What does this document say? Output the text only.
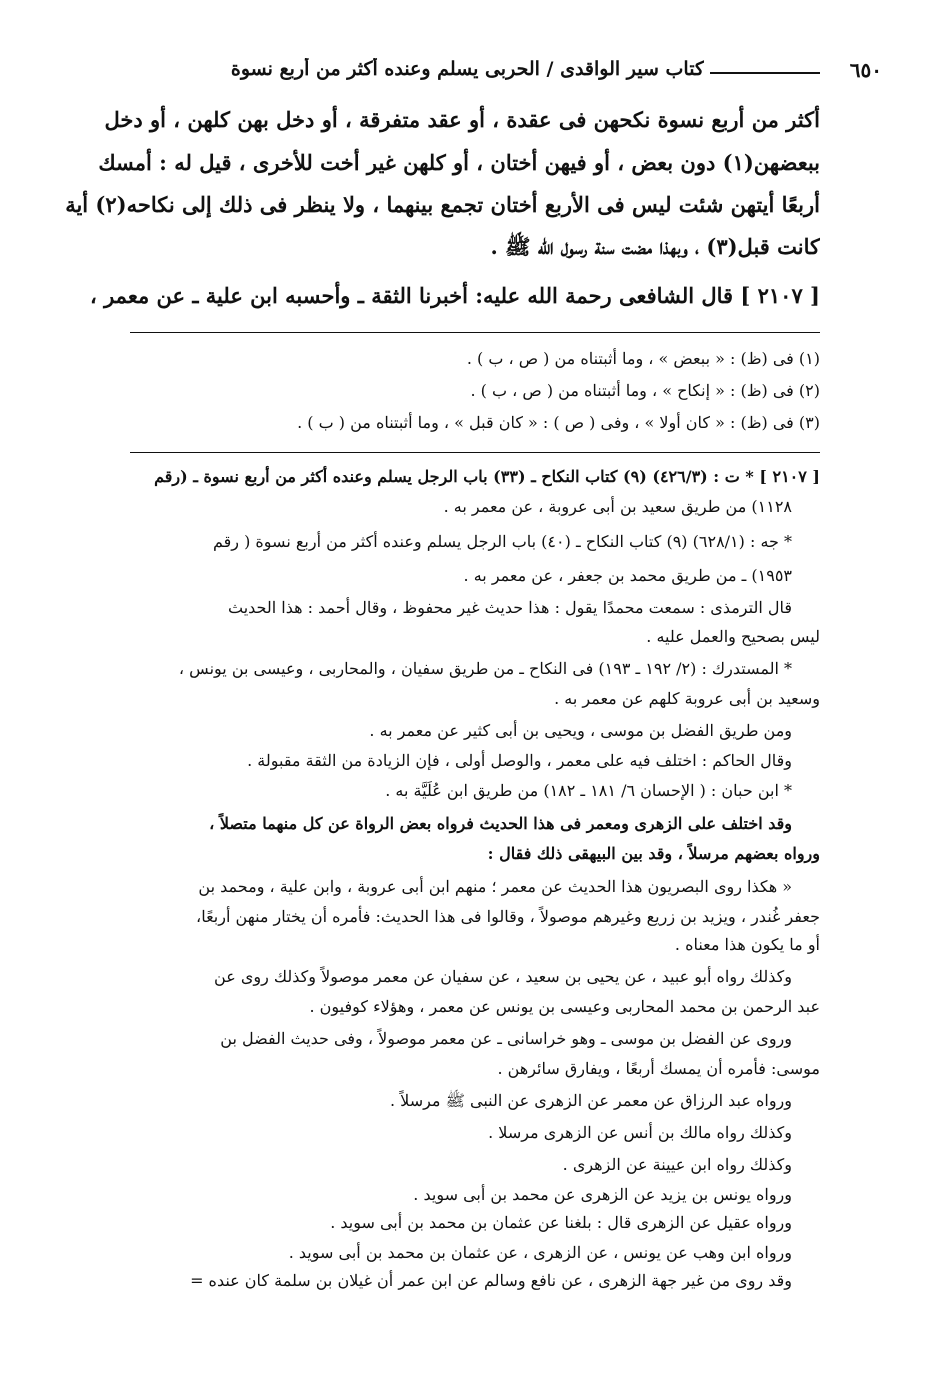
٦٥٠
كتاب سير الواقدى / الحربى يسلم وعنده أكثر من أربع نسوة
أكثر من أربع نسوة نكحهن فى عقدة ، أو عقد متفرقة ، أو دخل بهن كلهن ، أو دخل
ببعضهن(١) دون بعض ، أو فيهن أختان ، أو كلهن غير أخت للأخرى ، قيل له : أمسك
أربعًا أيتهن شئت ليس فى الأربع أختان تجمع بينهما ، ولا ينظر فى ذلك إلى نكاحه(٢) أية
كانت قبل(٣) ، وبهذا مضت سنة رسول الله ﷺ .
[ ٢١٠٧ ] قال الشافعى رحمة الله عليه: أخبرنا الثقة ـ وأحسبه ابن علية ـ عن معمر ،
(١) فى (ظ) : « ببعض » ، وما أثبتناه من ( ص ، ب ) .
(٢) فى (ظ) : « إنكاح » ، وما أثبتناه من ( ص ، ب ) .
(٣) فى (ظ) : « كان أولا » ، وفى ( ص ) : « كان قبل » ، وما أثبتناه من ( ب ) .
[ ٢١٠٧ ] * ت : (٤٢٦/٣) (٩) كتاب النكاح ـ (٣٣) باب الرجل يسلم وعنده أكثر من أربع نسوة ـ (رقم
١١٢٨) من طريق سعيد بن أبى عروبة ، عن معمر به .
* جه : (٦٢٨/١) (٩) كتاب النكاح ـ (٤٠) باب الرجل يسلم وعنده أكثر من أربع نسوة ( رقم
١٩٥٣) ـ من طريق محمد بن جعفر ، عن معمر به .
قال الترمذى : سمعت محمدًا يقول : هذا حديث غير محفوظ ، وقال أحمد : هذا الحديث
ليس بصحيح والعمل عليه .
* المستدرك : (٢/ ١٩٢ ـ ١٩٣) فى النكاح ـ من طريق سفيان ، والمحاربى ، وعيسى بن يونس ،
وسعيد بن أبى عروبة كلهم عن معمر به .
ومن طريق الفضل بن موسى ، ويحيى بن أبى كثير عن معمر به .
وقال الحاكم : اختلف فيه على معمر ، والوصل أولى ، فإن الزيادة من الثقة مقبولة .
* ابن حبان : ( الإحسان ٦/ ١٨١ ـ ١٨٢) من طريق ابن عُلَيَّة به .
وقد اختلف على الزهرى ومعمر فى هذا الحديث فرواه بعض الرواة عن كل منهما متصلاً ،
ورواه بعضهم مرسلاً ، وقد بين البيهقى ذلك فقال :
« هكذا روى البصريون هذا الحديث عن معمر ؛ منهم ابن أبى عروبة ، وابن علية ، ومحمد بن
جعفر غُندر ، ويزيد بن زريع وغيرهم موصولاً ، وقالوا فى هذا الحديث: فأمره أن يختار منهن أربعًا،
أو ما يكون هذا معناه .
وكذلك رواه أبو عبيد ، عن يحيى بن سعيد ، عن سفيان عن معمر موصولاً وكذلك روى عن
عبد الرحمن بن محمد المحاربى وعيسى بن يونس عن معمر ، وهؤلاء كوفيون .
وروى عن الفضل بن موسى ـ وهو خراسانى ـ عن معمر موصولاً ، وفى حديث الفضل بن
موسى: فأمره أن يمسك أربعًا ، ويفارق سائرهن .
ورواه عبد الرزاق عن معمر عن الزهرى عن النبى ﷺ مرسلاً .
وكذلك رواه مالك بن أنس عن الزهرى مرسلا .
وكذلك رواه ابن عيينة عن الزهرى .
ورواه يونس بن يزيد عن الزهرى عن محمد بن أبى سويد .
ورواه عقيل عن الزهرى قال : بلغنا عن عثمان بن محمد بن أبى سويد .
ورواه ابن وهب عن يونس ، عن الزهرى ، عن عثمان بن محمد بن أبى سويد .
وقد روى من غير جهة الزهرى ، عن نافع وسالم عن ابن عمر أن غيلان بن سلمة كان عنده =
